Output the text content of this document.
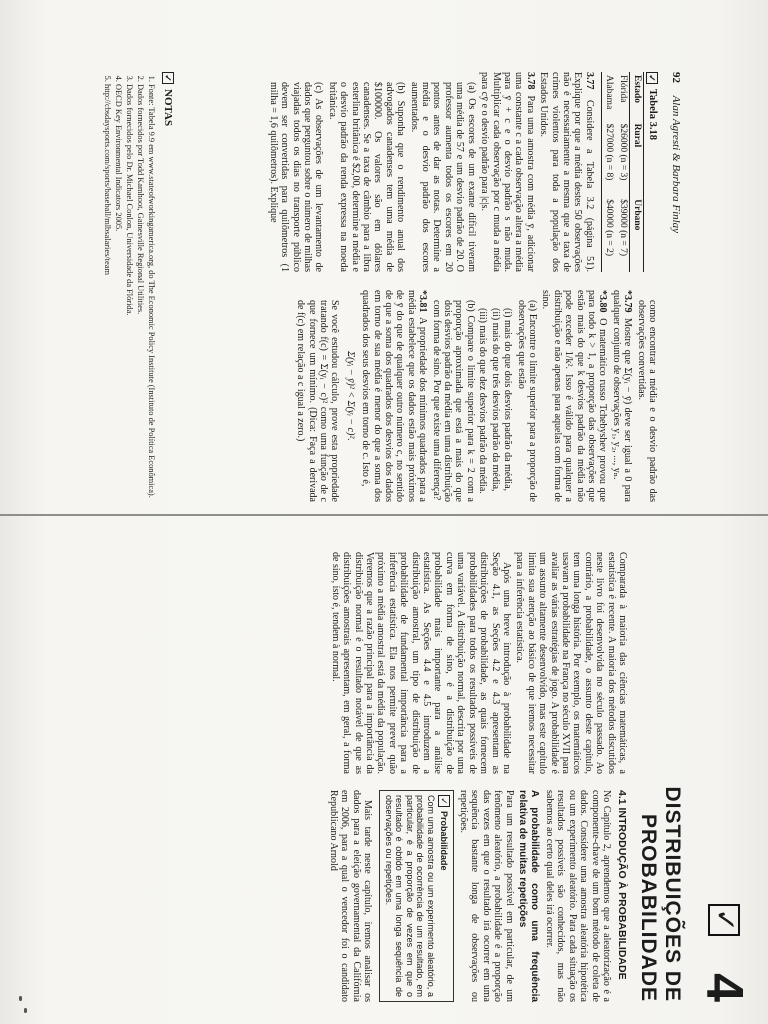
92 Alan Agresti & Barbara Finlay
✓
Tabela 3.18
Estado	Rural	Urbano
Flórida	$26000 (n = 3)	$39000 (n = 7)
Alabama	$27000 (n = 8)	$40000 (n = 2)

3.77 Considere a Tabela 3.2 (página 51). Explique por que a média destes 50 observações não é necessariamente a mesma que a taxa de crimes violentos para toda a população dos Estados Unidos.

3.78 Para uma amostra com média ȳ, adicionar uma constante c a cada observação altera a média para ȳ + c e o desvio padrão s não muda. Multiplicar cada observação por c muda a média para cȳ e o desvio padrão para |c|s.

(a) Os escores de um exame dificil tiveram uma média de 57 e um desvio padrão de 20. O professor aumenta todos os escores em 20 pontos antes de dar as notas. Determine a média e o desvio padrão dos escores aumentados.

(b) Suponha que o rendimento anual dos advogados canadenses tem uma média de $100000. Os valores são em dólares canadenses. Se a taxa de câmbio para a libra esterlina britânica é $2,00, determine a média e o desvio padrão da renda expressa na moeda britânica.

(c) As observações de um levantamento de dados que perguntou sobre o número de milhas viajadas todos os dias no transporte público devem ser convertidas para quilômetros (1 milha = 1,6 quilômetros). Explique

como encontrar a média e o desvio padrão das observações convertidas.

*3.79 Mostre que Σ(yᵢ − ȳ) deve ser igual a 0 para qualquer conjunto de observações y₁, y₂, ..., yₙ.

*3.80 O matemático russo Tchebyshev provou que para todo k > 1, a proporção das observações que estão mais do que k desvios padrão da média não pode exceder 1/k². Isso é válido para qualquer a distribuição e não apenas para aquelas com forma de sino.

(a) Encontre o limite superior para a proporção de observações que estão

(i) mais do que dois desvios padrão da média,

(ii) mais do que três desvios padrão da média,

(iii) mais do que dez desvios padrão da média.

(b) Compare o limite superior para k = 2 com a proporção aproximada que está a mais do que dois desvios padrão da média em uma distribuição com forma de sino. Por que existe uma diferença?

*3.81 A propriedade dos mínimos quadrados para a média estabelece que os dados estão mais próximos de ȳ do que de qualquer outro número c, no sentido de que a soma dos quadrados dos desvios dos dados em torno de sua média é menor do que a soma dos quadrados dos seus desvios em torno de c. Isto é,

Σ(yᵢ − ȳ)² < Σ(yᵢ − c)².

Se você estudou cálculo, prove esta propriedade tratando f(c) = Σ(yᵢ − c)² como uma função de c que fornece um mínimo. (Dica: Faça a derivada de f(c) em relação a c igual a zero.)

✓
NOTAS
1. Fonte: Tabela 9.9 em www.stateofworkingamerica.org, do The Economic Policy Institute (Instituto de Política Econômica).
2. Dados fornecidos por Todd Kamhoot, Gainesville Regional Utilities.
3. Dados fornecidos pelo Dr. Michael Conlon, Universidade da Flórida.
4. OECD Key Environmental Indicators 2005.
5. http://cbsdaysports.com/sports/baseball/mlbsalaries/team
✓
4
DISTRIBUIÇÕES DE PROBABILIDADE

Comparada à maioria das ciências matemáticas, a estatística é recente. A maioria dos métodos discutidos neste livro foi desenvolvida no século passado. Ao contrário, a probabilidade, o assunto deste capítulo, tem uma longa história. Por exemplo, os matemáticos usavam a probabilidade na França no século XVII para avaliar as várias estratégias de jogo. A probabilidade é um assunto altamente desenvolvido, mas este capítulo limita sua atenção ao básico de que iremos necessitar para a inferência estatística.

Após uma breve introdução à probabilidade na Seção 4.1, as Seções 4.2 e 4.3 apresentam as distribuições de probabilidade, as quais fornecem probabilidades para todos os resultados possíveis de uma variável. A distribuição normal, descrita por uma curva em forma de sino, é a distribuição de probabilidade mais importante para a análise estatística. As Seções 4.4 e 4.5 introduzem a distribuição amostral, um tipo de distribuição de probabilidade de fundamental importância para a inferência estatística. Ela nos permite prever quão próximo a média amostral está da média da população. Veremos que a razão principal para a importância da distribuição normal é o resultado notável de que as distribuições amostrais apresentam, em geral, a forma de sino, isto é, tendem à normal.

4.1 INTRODUÇÃO À PROBABILIDADE

No Capítulo 2, aprendemos que a aleatorização é a componente-chave de um bom método de coleta de dados. Considere uma amostra aleatória hipotética ou um experimento aleatório. Para cada situação os resultados possíveis são conhecidos, mas não sabemos ao certo qual deles irá ocorrer.

A probabilidade como uma frequência relativa de muitas repetições

Para um resultado possível em particular, de um fenômeno aleatório, a probabilidade é a proporção das vezes em que o resultado irá ocorrer em uma sequência bastante longa de observações ou repetições.

✓
Probabilidade
Com uma amostra ou um experimento aleatório, a probabilidade de ocorrência de um resultado, em particular, é a proporção de vezes em que o resultado é obtido em uma longa sequência de observações ou repetições.

Mais tarde neste capítulo, iremos analisar os dados para a eleição governamental da Califórnia em 2006, para a qual o vencedor foi o candidato Republicano Arnold
